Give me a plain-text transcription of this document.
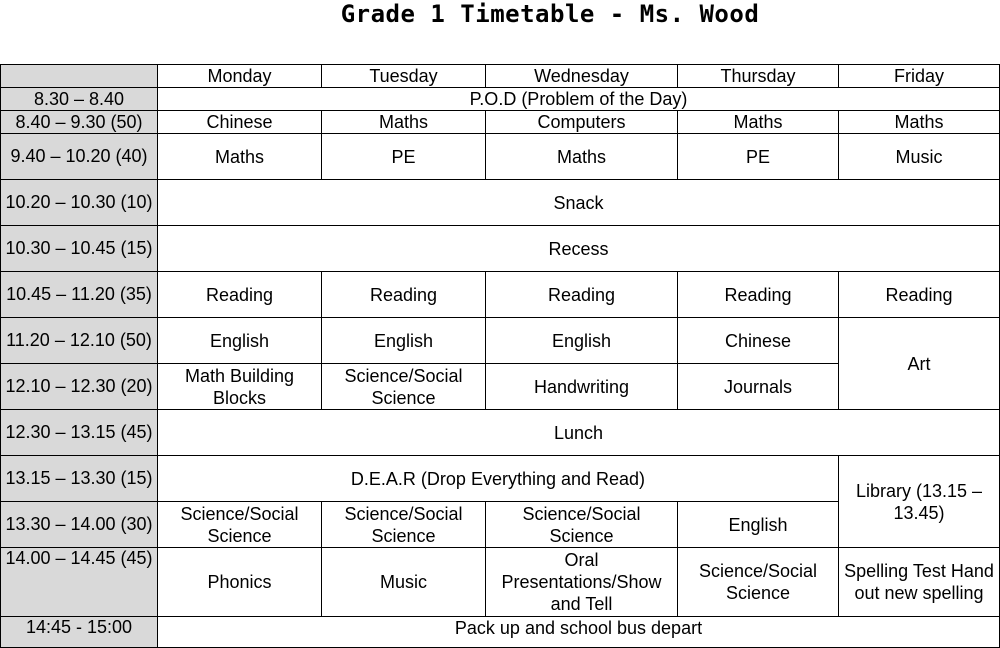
Grade 1 Timetable - Ms. Wood
	Monday	Tuesday	Wednesday	Thursday	Friday
8.30 – 8.40	P.O.D (Problem of the Day)				
8.40 – 9.30 (50)	Chinese	Maths	Computers	Maths	Maths
9.40 – 10.20 (40)	Maths	PE	Maths	PE	Music
10.20 – 10.30 (10)	Snack				
10.30 – 10.45 (15)	Recess				
10.45 – 11.20 (35)	Reading	Reading	Reading	Reading	Reading
11.20 – 12.10 (50)	English	English	English	Chinese	Art
12.10 – 12.30 (20)	Math Building Blocks	Science/Social Science	Handwriting	Journals	
12.30 – 13.15 (45)	Lunch				
13.15 – 13.30 (15)	D.E.A.R (Drop Everything and Read)				Library (13.15 – 13.45)
13.30 – 14.00 (30)	Science/Social Science	Science/Social Science	Science/Social Science	English	
14.00 – 14.45 (45)	Phonics	Music	Oral Presentations/Show and Tell	Science/Social Science	Spelling Test Hand out new spelling
14:45 - 15:00	Pack up and school bus depart				
